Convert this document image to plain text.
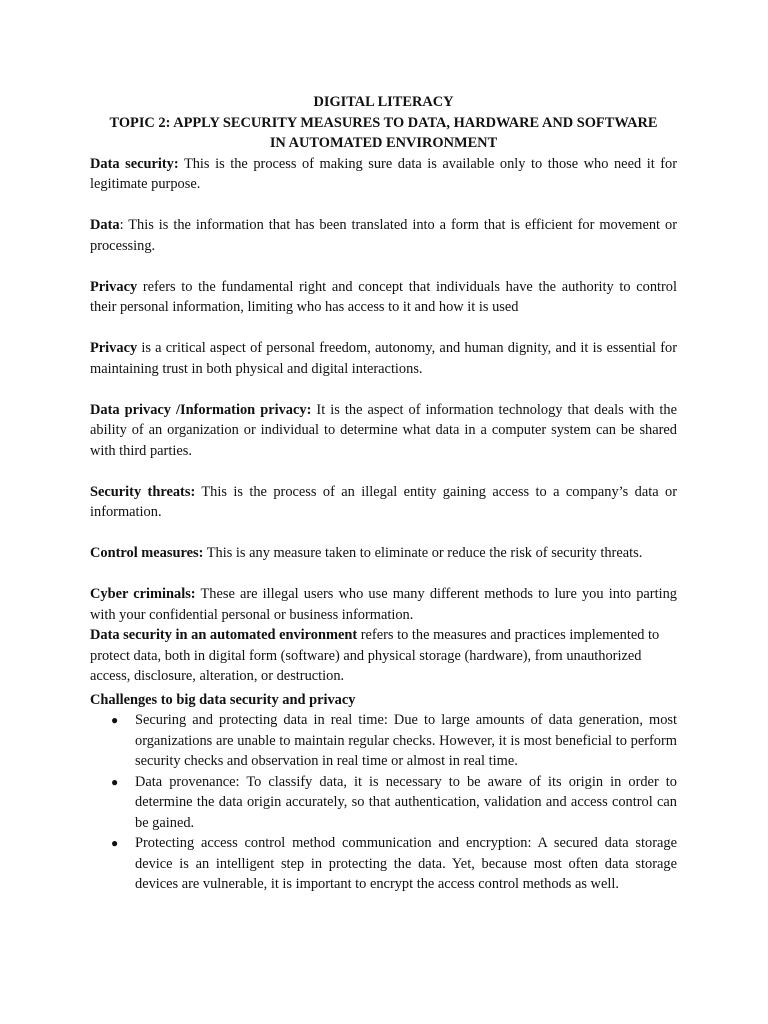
DIGITAL LITERACY
TOPIC 2: APPLY SECURITY MEASURES TO DATA, HARDWARE AND SOFTWARE
IN AUTOMATED ENVIRONMENT

Data security: This is the process of making sure data is available only to those who need it for legitimate purpose.

Data: This is the information that has been translated into a form that is efficient for movement or processing.

Privacy refers to the fundamental right and concept that individuals have the authority to control their personal information, limiting who has access to it and how it is used

Privacy is a critical aspect of personal freedom, autonomy, and human dignity, and it is essential for maintaining trust in both physical and digital interactions.

Data privacy /Information privacy: It is the aspect of information technology that deals with the ability of an organization or individual to determine what data in a computer system can be shared with third parties.

Security threats: This is the process of an illegal entity gaining access to a company’s data or information.

Control measures: This is any measure taken to eliminate or reduce the risk of security threats.

Cyber criminals: These are illegal users who use many different methods to lure you into parting with your confidential personal or business information.

Data security in an automated environment refers to the measures and practices implemented to protect data, both in digital form (software) and physical storage (hardware), from unauthorized access, disclosure, alteration, or destruction.

Challenges to big data security and privacy
● Securing and protecting data in real time: Due to large amounts of data generation, most organizations are unable to maintain regular checks. However, it is most beneficial to perform security checks and observation in real time or almost in real time.
● Data provenance: To classify data, it is necessary to be aware of its origin in order to determine the data origin accurately, so that authentication, validation and access control can be gained.
● Protecting access control method communication and encryption: A secured data storage device is an intelligent step in protecting the data. Yet, because most often data storage devices are vulnerable, it is important to encrypt the access control methods as well.
